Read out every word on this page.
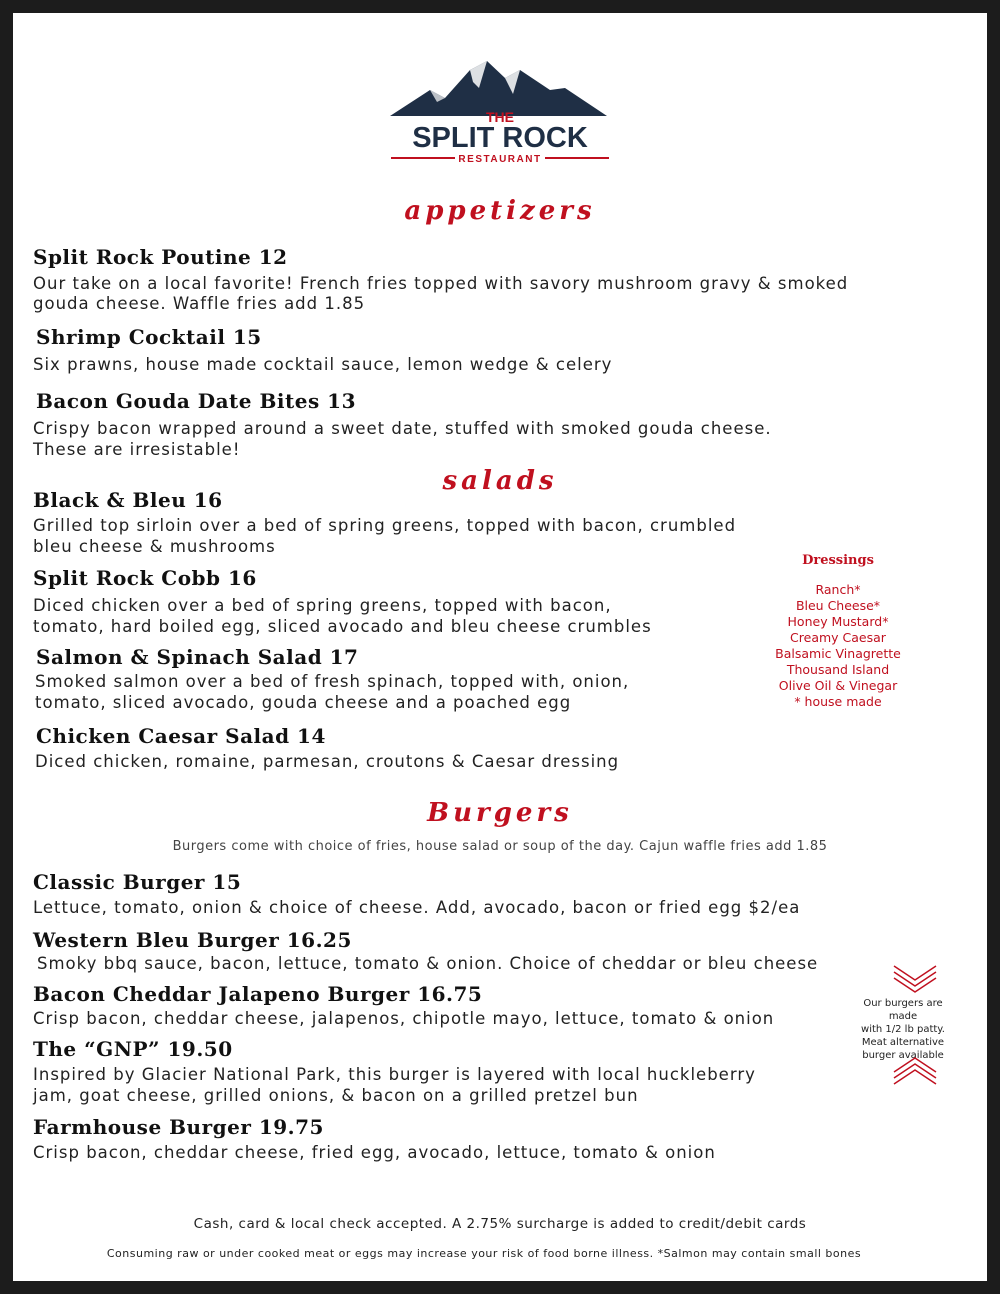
THE
SPLIT ROCK
RESTAURANT
appetizers
salads
Burgers
Split Rock Poutine 12
Our take on a local favorite! French fries topped with savory mushroom gravy & smoked
gouda cheese. Waffle fries add 1.85
Shrimp Cocktail 15
Six prawns, house made cocktail sauce, lemon wedge & celery
Bacon Gouda Date Bites 13
Crispy bacon wrapped around a sweet date, stuffed with smoked gouda cheese.
These are irresistable!
Black & Bleu 16
Grilled top sirloin over a bed of spring greens, topped with bacon, crumbled
bleu cheese & mushrooms
Split Rock Cobb 16
Diced chicken over a bed of spring greens, topped with bacon,
tomato, hard boiled egg, sliced avocado and bleu cheese crumbles
Salmon & Spinach Salad 17
Smoked salmon over a bed of fresh spinach, topped with, onion,
tomato, sliced avocado, gouda cheese and a poached egg
Chicken Caesar Salad 14
Diced chicken, romaine, parmesan, croutons & Caesar dressing
Dressings
Ranch*
Bleu Cheese*
Honey Mustard*
Creamy Caesar
Balsamic Vinagrette
Thousand Island
Olive Oil & Vinegar
* house made
Burgers come with choice of fries, house salad or soup of the day. Cajun waffle fries add 1.85
Classic Burger 15
Lettuce, tomato, onion & choice of cheese. Add, avocado, bacon or fried egg $2/ea
Western Bleu Burger 16.25
Smoky bbq sauce, bacon, lettuce, tomato & onion. Choice of cheddar or bleu cheese
Bacon Cheddar Jalapeno Burger 16.75
Crisp bacon, cheddar cheese, jalapenos, chipotle mayo, lettuce, tomato & onion
The “GNP” 19.50
Inspired by Glacier National Park, this burger is layered with local huckleberry
jam, goat cheese, grilled onions, & bacon on a grilled pretzel bun
Farmhouse Burger 19.75
Crisp bacon, cheddar cheese, fried egg, avocado, lettuce, tomato & onion
Our burgers are made
with 1/2 lb patty.
Meat alternative
burger available
Cash, card & local check accepted. A 2.75% surcharge is added to credit/debit cards
Consuming raw or under cooked meat or eggs may increase your risk of food borne illness. *Salmon may contain small bones
